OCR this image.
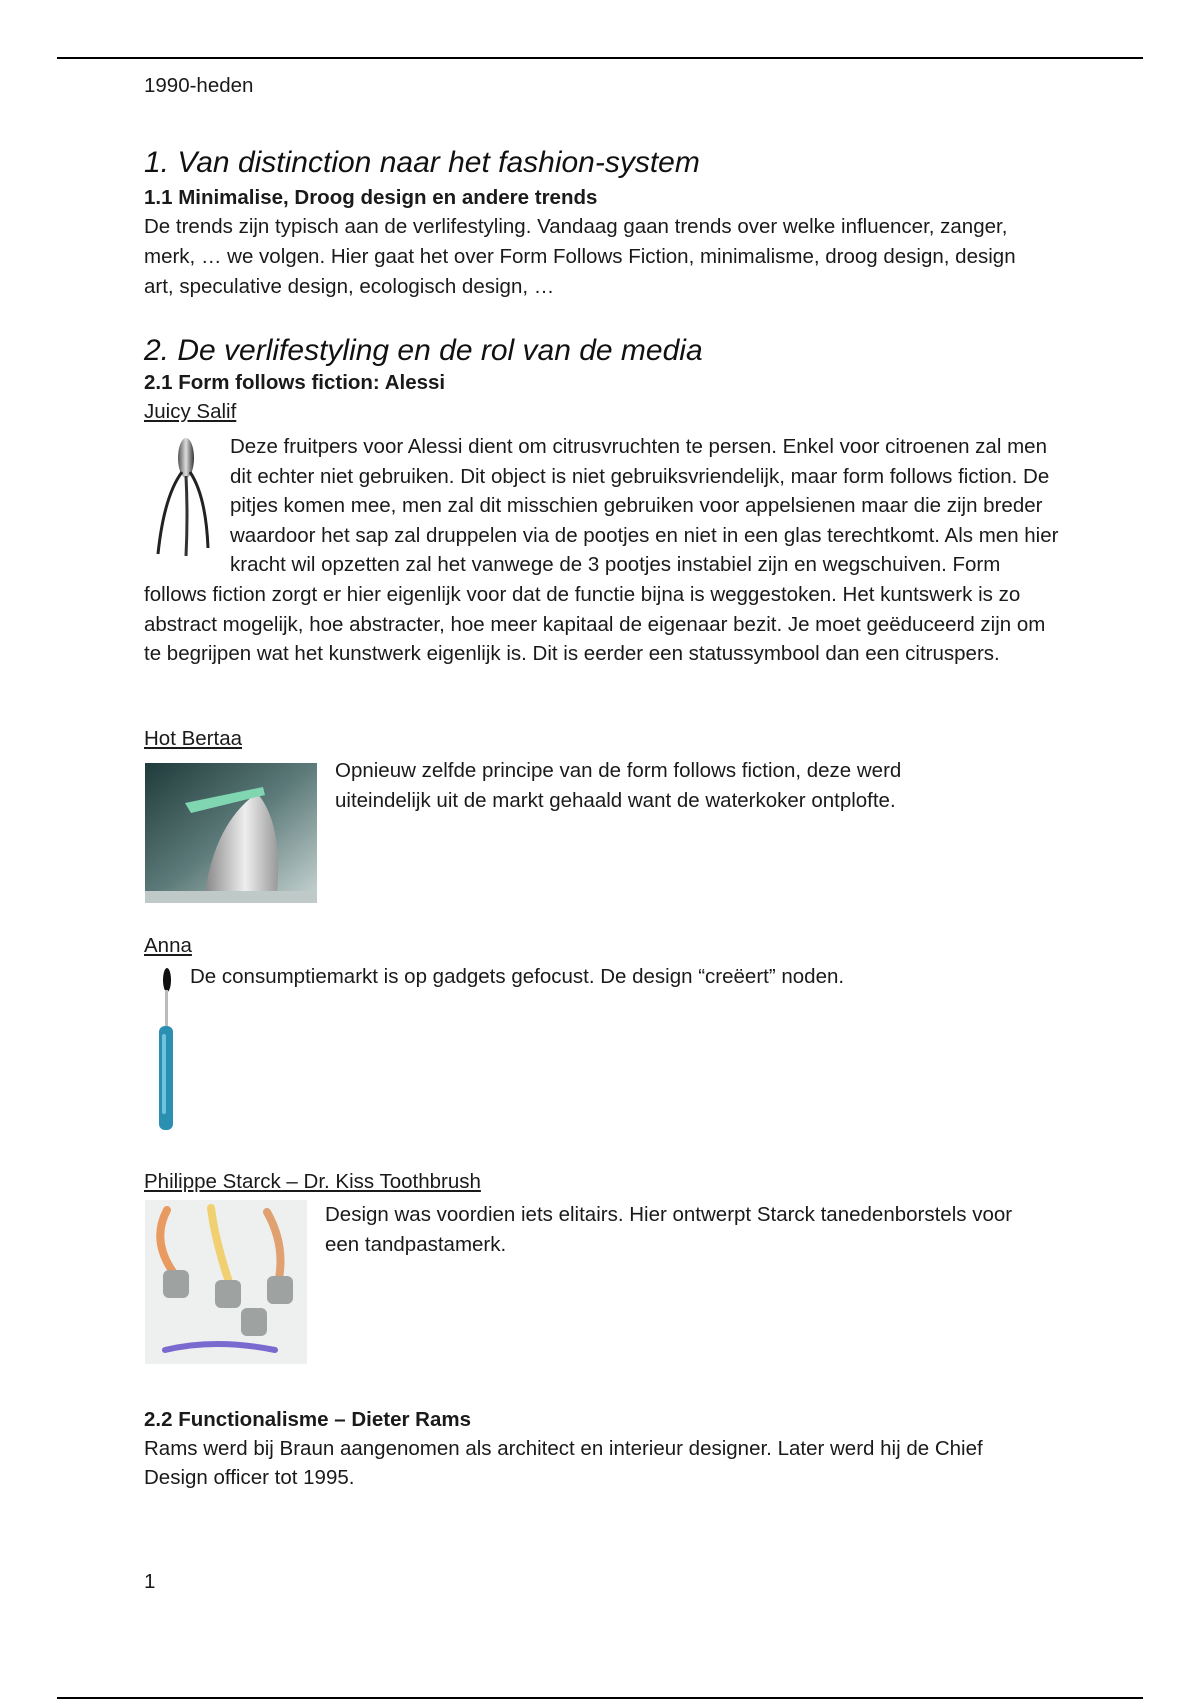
1990-heden
1. Van distinction naar het fashion-system
1.1 Minimalise, Droog design en andere trends

De trends zijn typisch aan de verlifestyling. Vandaag gaan trends over welke influencer, zanger, merk, … we volgen. Hier gaat het over Form Follows Fiction, minimalisme, droog design, design art, speculative design, ecologisch design, …

2. De verlifestyling en de rol van de media
2.1 Form follows fiction: Alessi
Juicy Salif
Deze fruitpers voor Alessi dient om citrusvruchten te persen. Enkel voor citroenen zal men dit echter niet gebruiken. Dit object is niet gebruiksvriendelijk, maar form follows fiction. De pitjes komen mee, men zal dit misschien gebruiken voor appelsienen maar die zijn breder waardoor het sap zal druppelen via de pootjes en niet in een glas terechtkomt. Als men hier kracht wil opzetten zal het vanwege de 3 pootjes instabiel zijn en wegschuiven. Form follows fiction zorgt er hier eigenlijk voor dat de functie bijna is weggestoken. Het kuntswerk is zo abstract mogelijk, hoe abstracter, hoe meer kapitaal de eigenaar bezit. Je moet geëduceerd zijn om te begrijpen wat het kunstwerk eigenlijk is. Dit is eerder een statussymbool dan een citruspers.
Hot Bertaa

Opnieuw zelfde principe van de form follows fiction, deze werd uiteindelijk uit de markt gehaald want de waterkoker ontplofte.

Anna

De consumptiemarkt is op gadgets gefocust. De design “creëert” noden.

Philippe Starck – Dr. Kiss Toothbrush

Design was voordien iets elitairs. Hier ontwerpt Starck tanedenborstels voor een tandpastamerk.

2.2 Functionalisme – Dieter Rams

Rams werd bij Braun aangenomen als architect en interieur designer. Later werd hij de Chief Design officer tot 1995.

1
